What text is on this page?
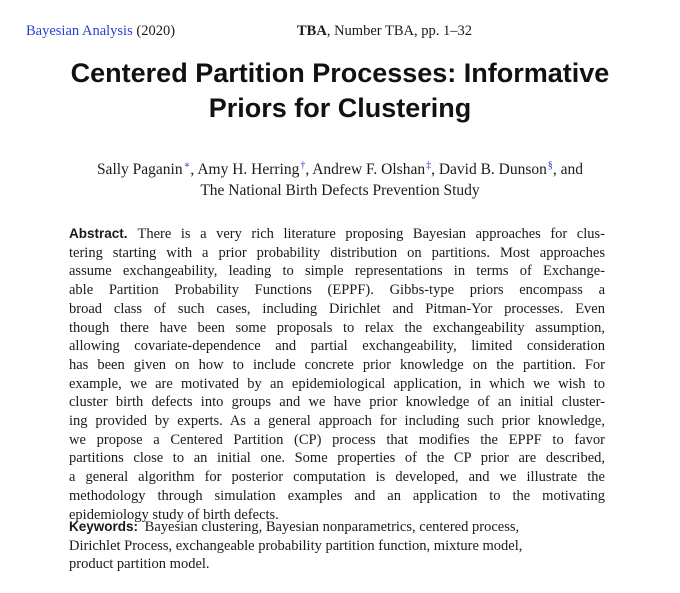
Bayesian Analysis (2020)	TBA, Number TBA, pp. 1–32
Centered Partition Processes: Informative
Priors for Clustering
Sally Paganin∗, Amy H. Herring†, Andrew F. Olshan‡, David B. Dunson§, and
The National Birth Defects Prevention Study
Abstract. There is a very rich literature proposing Bayesian approaches for clus-
tering starting with a prior probability distribution on partitions. Most approaches
assume exchangeability, leading to simple representations in terms of Exchange-
able Partition Probability Functions (EPPF). Gibbs-type priors encompass a
broad class of such cases, including Dirichlet and Pitman-Yor processes. Even
though there have been some proposals to relax the exchangeability assumption,
allowing covariate-dependence and partial exchangeability, limited consideration
has been given on how to include concrete prior knowledge on the partition. For
example, we are motivated by an epidemiological application, in which we wish to
cluster birth defects into groups and we have prior knowledge of an initial cluster-
ing provided by experts. As a general approach for including such prior knowledge,
we propose a Centered Partition (CP) process that modifies the EPPF to favor
partitions close to an initial one. Some properties of the CP prior are described,
a general algorithm for posterior computation is developed, and we illustrate the
methodology through simulation examples and an application to the motivating
epidemiology study of birth defects.
Keywords: Bayesian clustering, Bayesian nonparametrics, centered process,
Dirichlet Process, exchangeable probability partition function, mixture model,
product partition model.
